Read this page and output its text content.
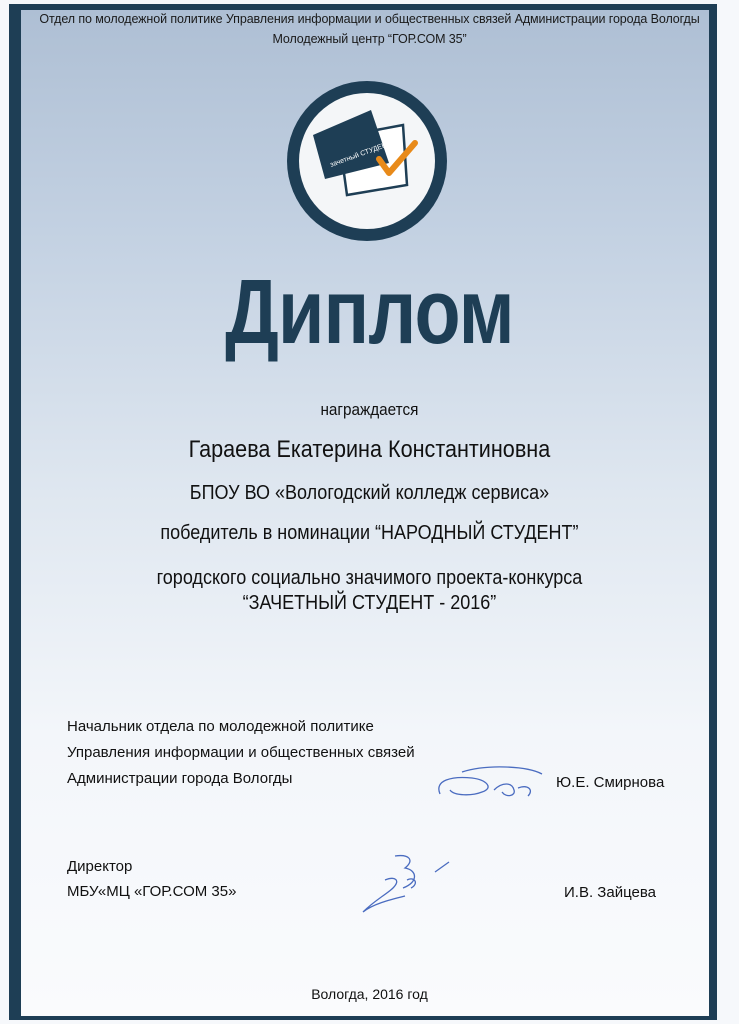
Отдел по молодежной политике Управления информации и общественных связей Администрации города Вологды
Молодежный центр “ГОР.СОМ 35”
зачетный СТУДЕНТ
Диплом
награждается
Гараева Екатерина Константиновна
БПОУ ВО «Вологодский колледж сервиса»
победитель в номинации “НАРОДНЫЙ СТУДЕНТ”
городского социально значимого проекта-конкурса
“ЗАЧЕТНЫЙ СТУДЕНТ - 2016”
Начальник отдела по молодежной политике
Управления информации и общественных связей
Администрации города Вологды	Ю.Е. Смирнова
Директор
МБУ«МЦ «ГОР.СОМ 35»	И.В. Зайцева
Вологда, 2016 год
